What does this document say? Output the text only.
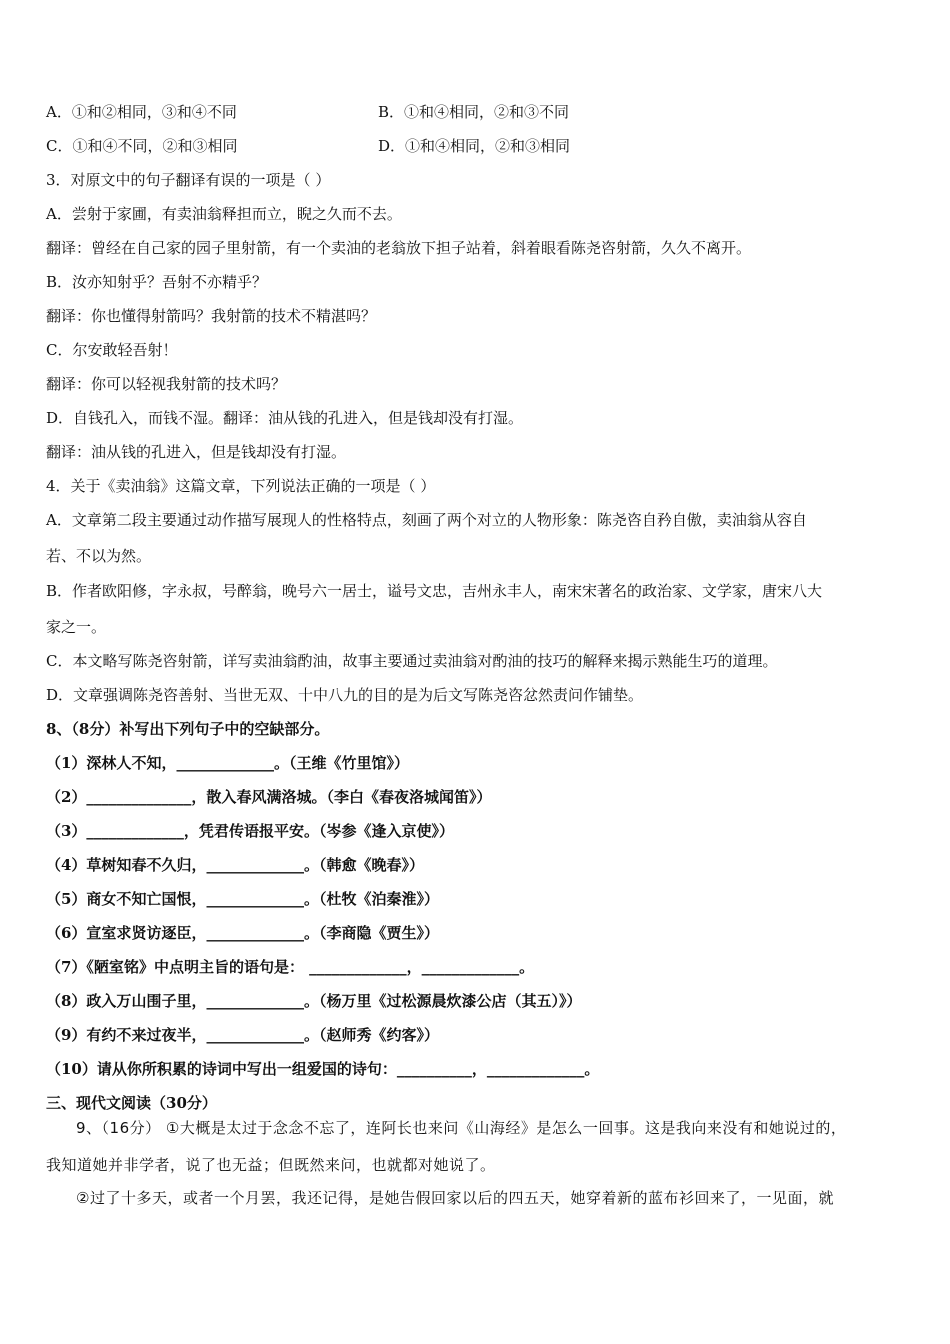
A．①和②相同，③和④不同	B．①和④相同，②和③不同
C．①和④不同，②和③相同	D．①和④相同，②和③相同
3．对原文中的句子翻译有误的一项是（ ）
A．尝射于家圃，有卖油翁释担而立，睨之久而不去。
翻译：曾经在自己家的园子里射箭，有一个卖油的老翁放下担子站着，斜着眼看陈尧咨射箭，久久不离开。
B．汝亦知射乎？吾射不亦精乎？
翻译：你也懂得射箭吗？我射箭的技术不精湛吗？
C．尔安敢轻吾射！
翻译：你可以轻视我射箭的技术吗？
D．自钱孔入，而钱不湿。翻译：油从钱的孔进入，但是钱却没有打湿。
翻译：油从钱的孔进入，但是钱却没有打湿。
4．关于《卖油翁》这篇文章，下列说法正确的一项是（ ）
A．文章第二段主要通过动作描写展现人的性格特点，刻画了两个对立的人物形象：陈尧咨自矜自傲，卖油翁从容自
若、不以为然。
B．作者欧阳修，字永叔，号醉翁，晚号六一居士，谥号文忠，吉州永丰人，南宋宋著名的政治家、文学家，唐宋八大
家之一。
C．本文略写陈尧咨射箭，详写卖油翁酌油，故事主要通过卖油翁对酌油的技巧的解释来揭示熟能生巧的道理。
D．文章强调陈尧咨善射、当世无双、十中八九的目的是为后文写陈尧咨忿然责问作铺垫。
8、（8分）补写出下列句子中的空缺部分。
（1）深林人不知，_____________。（王维《竹里馆》）
（2）______________，散入春风满洛城。（李白《春夜洛城闻笛》）
（3）_____________，凭君传语报平安。（岑参《逢入京使》）
（4）草树知春不久归，_____________。（韩愈《晚春》）
（5）商女不知亡国恨，_____________。（杜牧《泊秦淮》）
（6）宣室求贤访逐臣，_____________。（李商隐《贾生》）
（7）《陋室铭》中点明主旨的语句是： _____________，_____________。
（8）政入万山围子里，_____________。（杨万里《过松源晨炊漆公店（其五）》）
（9）有约不来过夜半，_____________。（赵师秀《约客》）
（10）请从你所积累的诗词中写出一组爱国的诗句：__________，_____________。
三、现代文阅读（30分）
9、（16分） ①大概是太过于念念不忘了，连阿长也来问《山海经》是怎么一回事。这是我向来没有和她说过的，
我知道她并非学者，说了也无益；但既然来问，也就都对她说了。
②过了十多天，或者一个月罢，我还记得，是她告假回家以后的四五天，她穿着新的蓝布衫回来了，一见面，就
